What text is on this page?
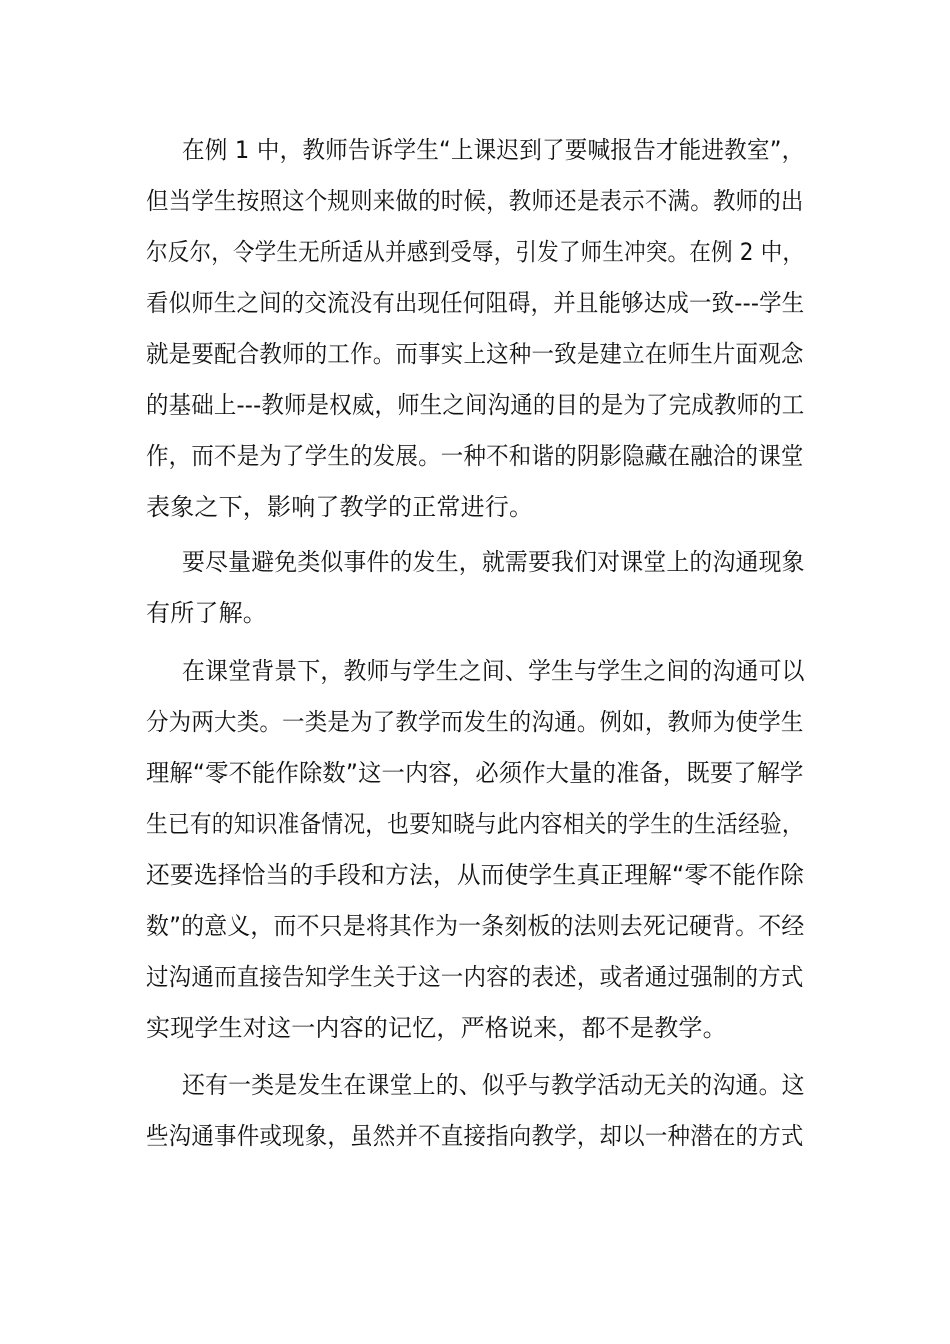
在例 1 中，教师告诉学生“上课迟到了要喊报告才能进教室”，

但当学生按照这个规则来做的时候，教师还是表示不满。教师的出

尔反尔，令学生无所适从并感到受辱，引发了师生冲突。在例 2 中，

看似师生之间的交流没有出现任何阻碍，并且能够达成一致---学生

就是要配合教师的工作。而事实上这种一致是建立在师生片面观念

的基础上---教师是权威，师生之间沟通的目的是为了完成教师的工

作，而不是为了学生的发展。一种不和谐的阴影隐藏在融洽的课堂

表象之下，影响了教学的正常进行。

要尽量避免类似事件的发生，就需要我们对课堂上的沟通现象

有所了解。

在课堂背景下，教师与学生之间、学生与学生之间的沟通可以

分为两大类。一类是为了教学而发生的沟通。例如，教师为使学生

理解“零不能作除数”这一内容，必须作大量的准备，既要了解学

生已有的知识准备情况，也要知晓与此内容相关的学生的生活经验，

还要选择恰当的手段和方法，从而使学生真正理解“零不能作除

数”的意义，而不只是将其作为一条刻板的法则去死记硬背。不经

过沟通而直接告知学生关于这一内容的表述，或者通过强制的方式

实现学生对这一内容的记忆，严格说来，都不是教学。

还有一类是发生在课堂上的、似乎与教学活动无关的沟通。这

些沟通事件或现象，虽然并不直接指向教学，却以一种潜在的方式
